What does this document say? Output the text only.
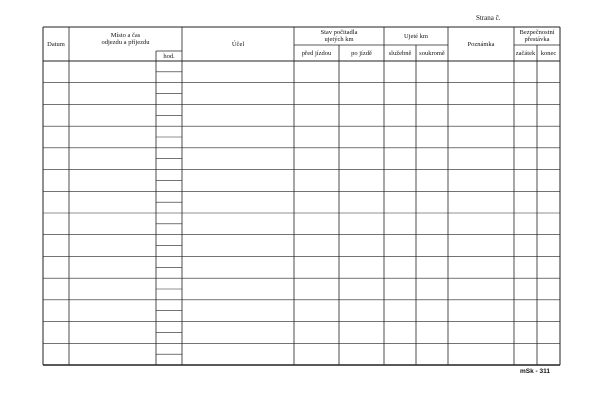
Strana č.
Datum
Místo a čas
odjezdu a příjezdu
hod.
Účel
Stav počitadla
ujetých km
před jízdou	po jízdě
Ujeté km
služebně	soukromě
Poznámka
Bezpečnostní
přestávka
začátek konec
mSk - 311
